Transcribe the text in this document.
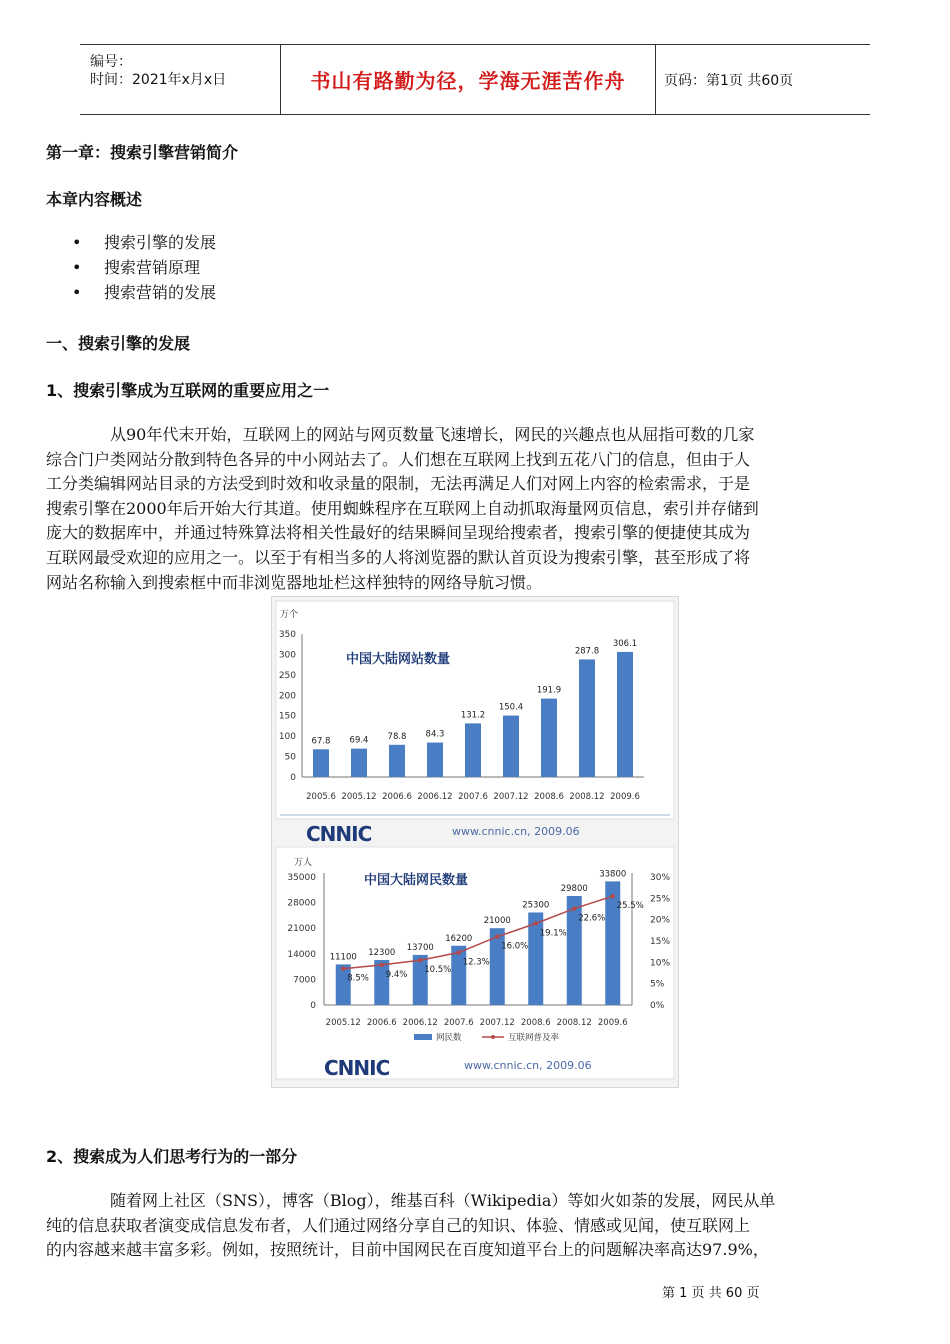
编号：
时间：2021年x月x日	书山有路勤为径，学海无涯苦作舟	页码：第1页 共60页
第一章：搜索引擎营销简介
本章内容概述
• 搜索引擎的发展
• 搜索营销原理
• 搜索营销的发展
一、搜索引擎的发展
1、搜索引擎成为互联网的重要应用之一
从90年代末开始，互联网上的网站与网页数量飞速增长，网民的兴趣点也从屈指可数的几家
综合门户类网站分散到特色各异的中小网站去了。人们想在互联网上找到五花八门的信息，但由于人
工分类编辑网站目录的方法受到时效和收录量的限制，无法再满足人们对网上内容的检索需求，于是
搜索引擎在2000年后开始大行其道。使用蜘蛛程序在互联网上自动抓取海量网页信息，索引并存储到
庞大的数据库中，并通过特殊算法将相关性最好的结果瞬间呈现给搜索者，搜索引擎的便捷使其成为
互联网最受欢迎的应用之一。以至于有相当多的人将浏览器的默认首页设为搜索引擎，甚至形成了将
网站名称输入到搜索框中而非浏览器地址栏这样独特的网络导航习惯。
万个
0
50
100
150
200
250
300
350
中国大陆网站数量
67.8
2005.6
69.4
2005.12
78.8
2006.6
84.3
2006.12
131.2
2007.6
150.4
2007.12
191.9
2008.6
287.8
2008.12
306.1
2009.6
CNNIC	www.cnnic.cn, 2009.06
万人
0
7000
14000
21000
28000
35000
0%
5%
10%
15%
20%
25%
30%
中国大陆网民数量
11100
2005.12
12300
2006.6
13700
2006.12
16200
2007.6
21000
2007.12
25300
2008.6
29800
2008.12
33800
2009.6
8.5% 9.4% 10.5%
12.3%
16.0%
19.1%
22.6%
25.5%
网民数	互联网普及率
CNNIC	www.cnnic.cn, 2009.06
2、搜索成为人们思考行为的一部分
随着网上社区（SNS），博客（Blog），维基百科（Wikipedia）等如火如荼的发展，网民从单
纯的信息获取者演变成信息发布者，人们通过网络分享自己的知识、体验、情感或见闻，使互联网上
的内容越来越丰富多彩。例如，按照统计，目前中国网民在百度知道平台上的问题解决率高达97.9%，
第 1 页 共 60 页
